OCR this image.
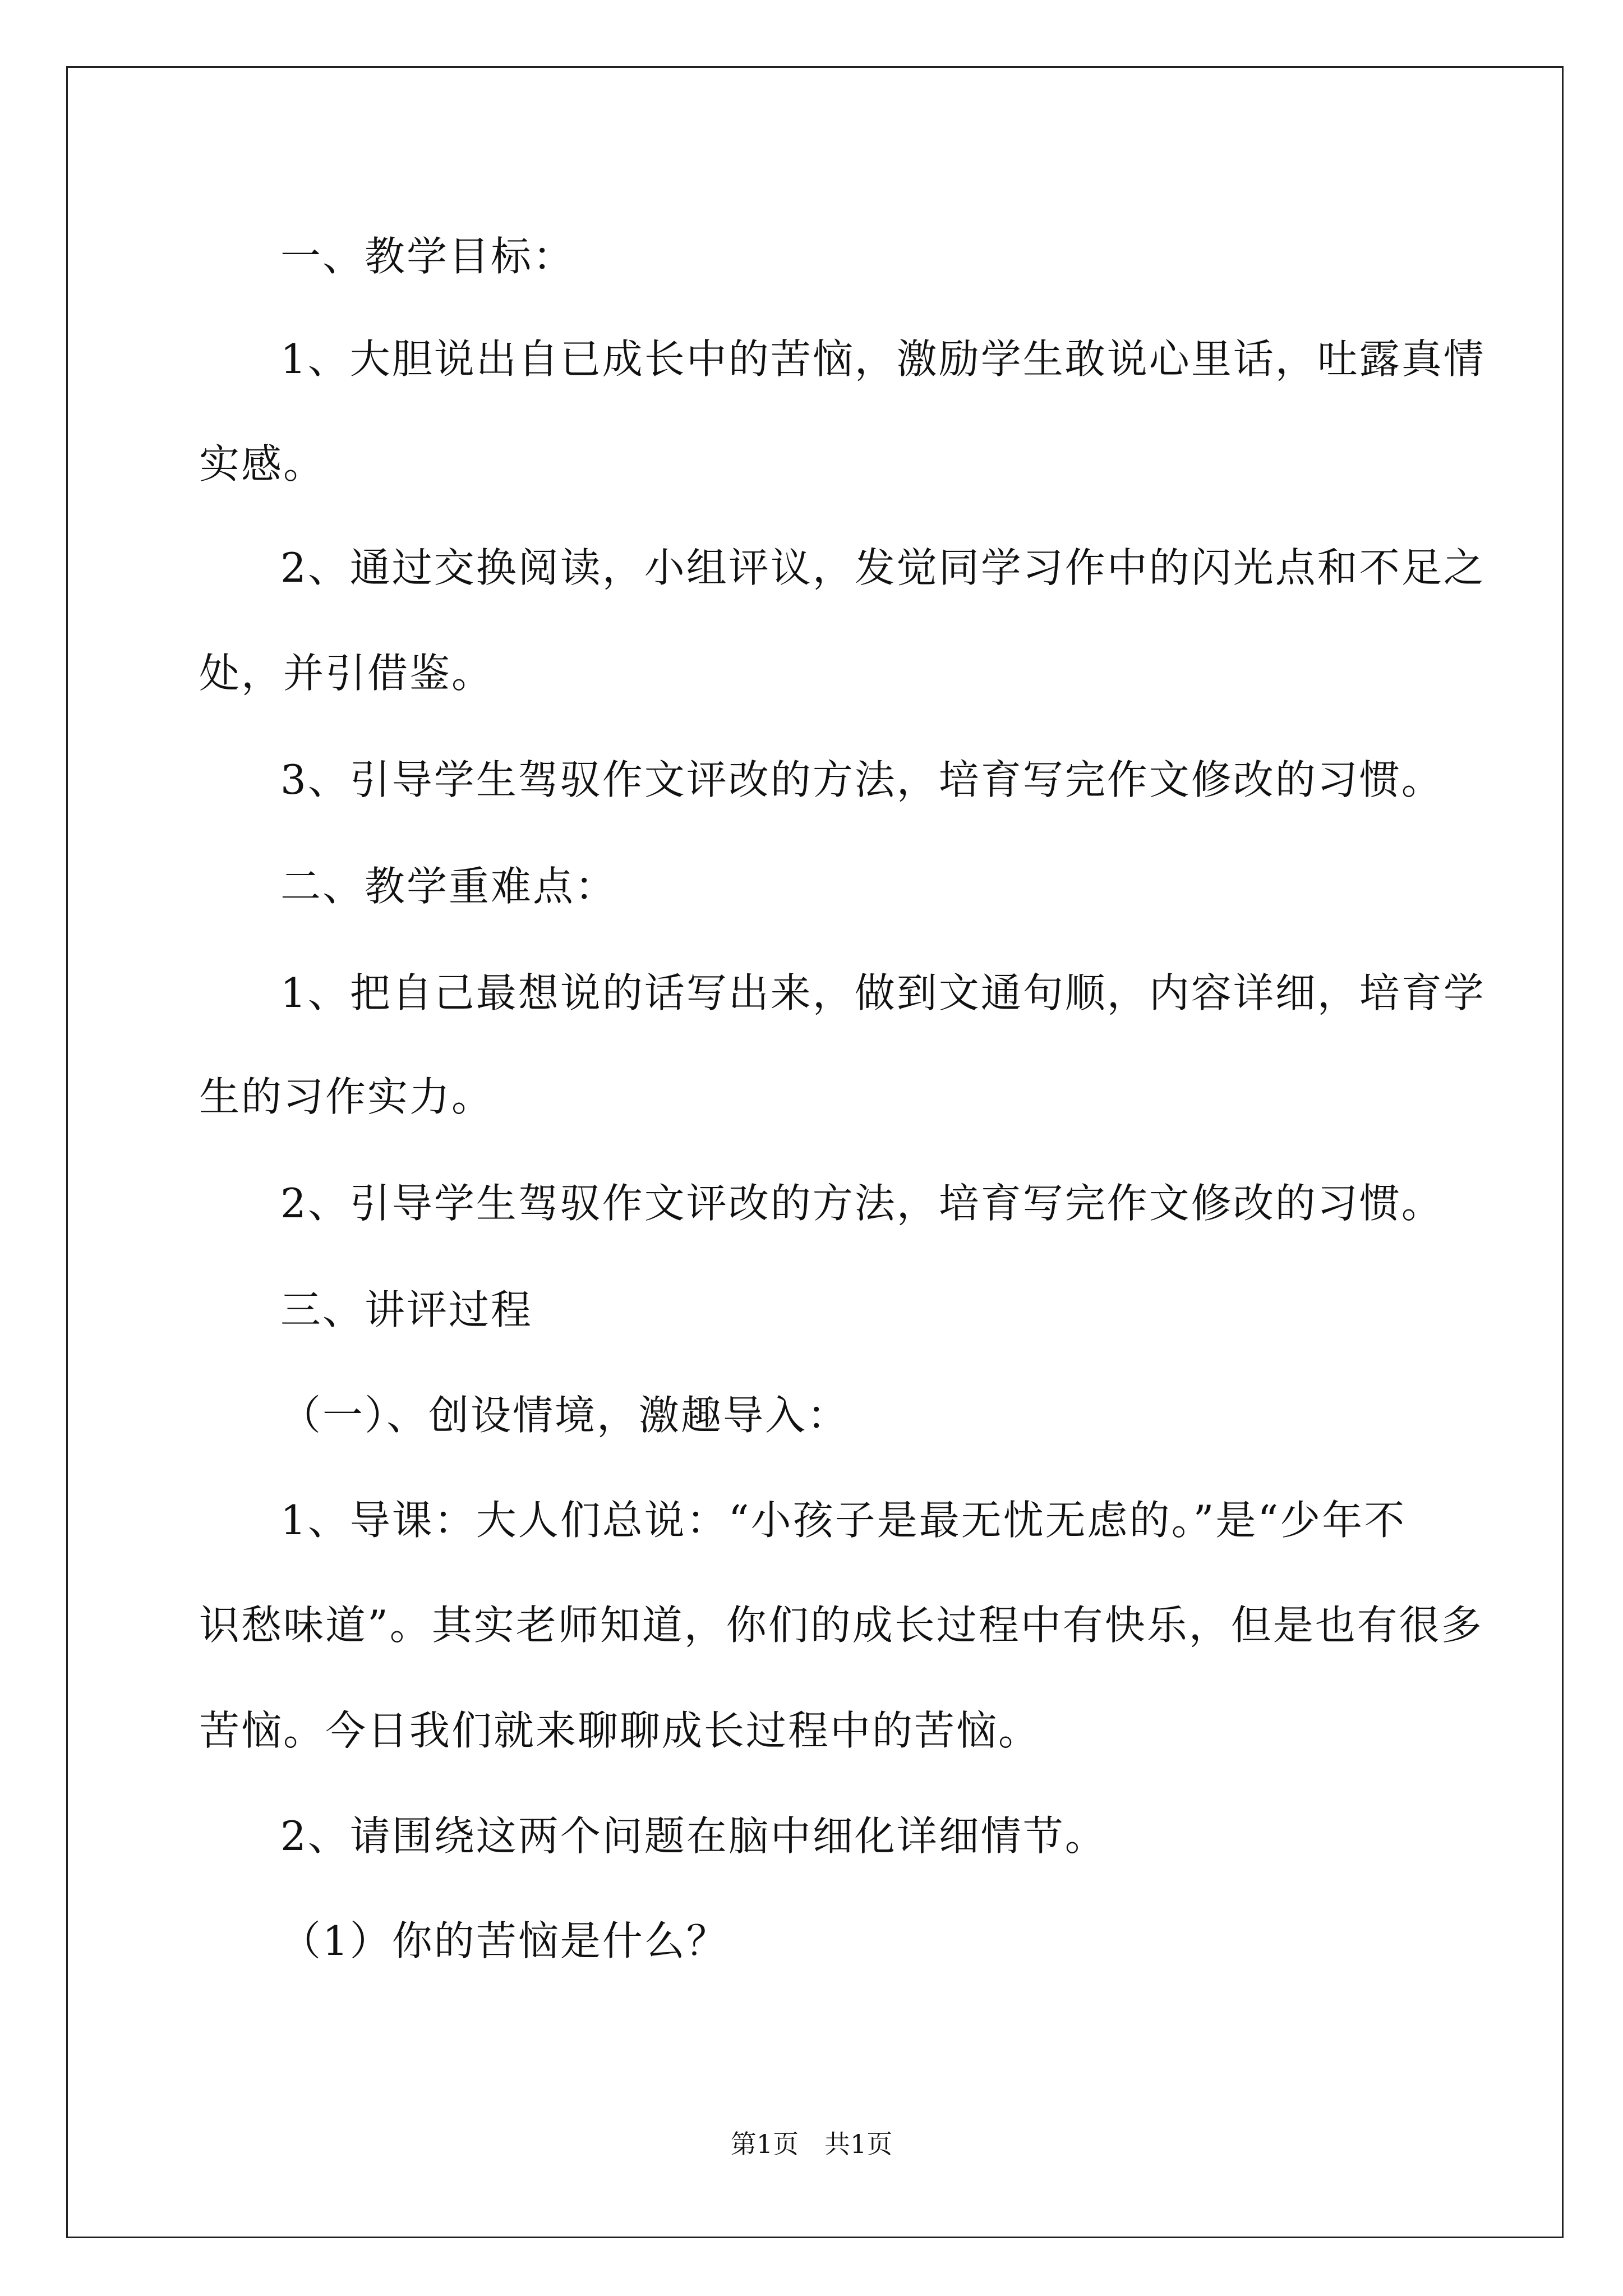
一、教学目标：
1、大胆说出自已成长中的苦恼，激励学生敢说心里话，吐露真情
实感。
2、通过交换阅读，小组评议，发觉同学习作中的闪光点和不足之
处，并引借鉴。
3、引导学生驾驭作文评改的方法，培育写完作文修改的习惯。
二、教学重难点：
1、把自己最想说的话写出来，做到文通句顺，内容详细，培育学
生的习作实力。
2、引导学生驾驭作文评改的方法，培育写完作文修改的习惯。
三、讲评过程
（一）、创设情境，激趣导入：
1、导课：大人们总说：“小孩子是最无忧无虑的。”是“少年不
识愁味道”。其实老师知道，你们的成长过程中有快乐，但是也有很多
苦恼。今日我们就来聊聊成长过程中的苦恼。
2、请围绕这两个问题在脑中细化详细情节。
（1）你的苦恼是什么？
第1页　共1页
